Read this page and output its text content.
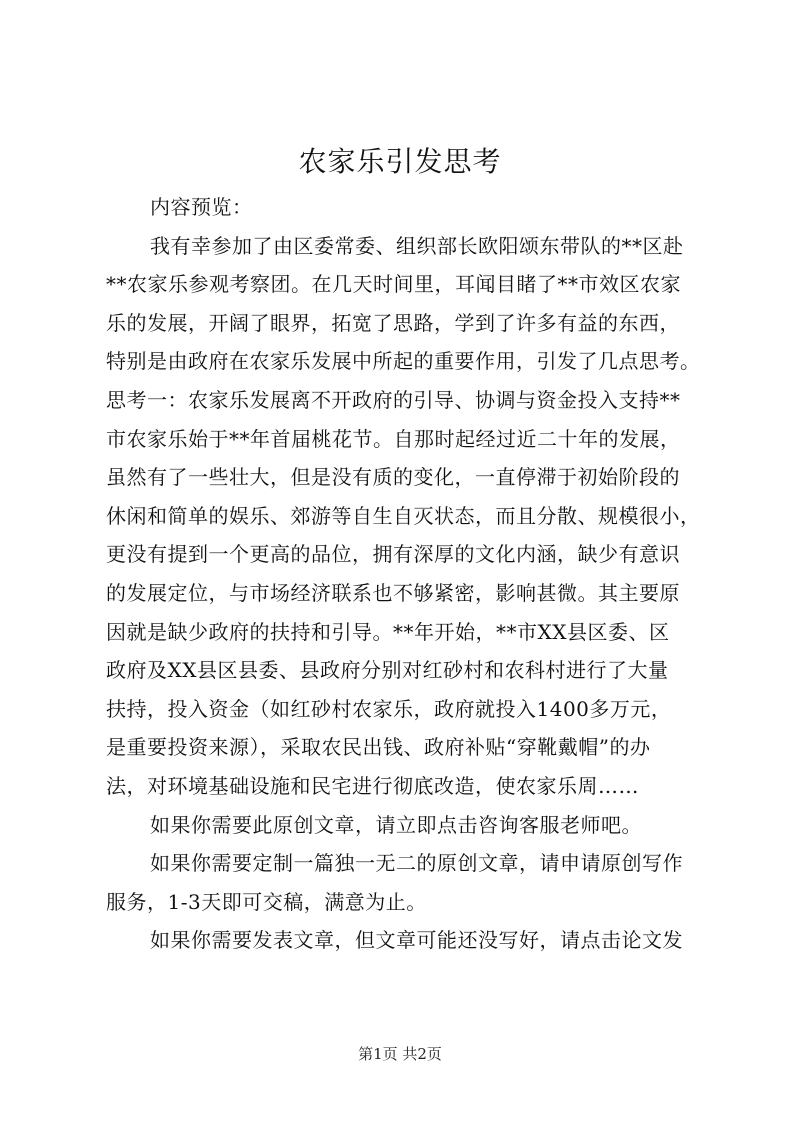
农家乐引发思考
内容预览：
我有幸参加了由区委常委、组织部长欧阳颂东带队的**区赴
**农家乐参观考察团。在几天时间里，耳闻目睹了**市效区农家
乐的发展，开阔了眼界，拓宽了思路，学到了许多有益的东西，
特别是由政府在农家乐发展中所起的重要作用，引发了几点思考。
思考一：农家乐发展离不开政府的引导、协调与资金投入支持**
市农家乐始于**年首届桃花节。自那时起经过近二十年的发展，
虽然有了一些壮大，但是没有质的变化，一直停滞于初始阶段的
休闲和简单的娱乐、郊游等自生自灭状态，而且分散、规模很小，
更没有提到一个更高的品位，拥有深厚的文化内涵，缺少有意识
的发展定位，与市场经济联系也不够紧密，影响甚微。其主要原
因就是缺少政府的扶持和引导。**年开始，**市XX县区委、区
政府及XX县区县委、县政府分别对红砂村和农科村进行了大量
扶持，投入资金（如红砂村农家乐，政府就投入1400多万元，
是重要投资来源），采取农民出钱、政府补贴“穿靴戴帽”的办
法，对环境基础设施和民宅进行彻底改造，使农家乐周……
如果你需要此原创文章，请立即点击咨询客服老师吧。
如果你需要定制一篇独一无二的原创文章，请申请原创写作
服务，1-3天即可交稿，满意为止。
如果你需要发表文章，但文章可能还没写好，请点击论文发
第1页 共2页
